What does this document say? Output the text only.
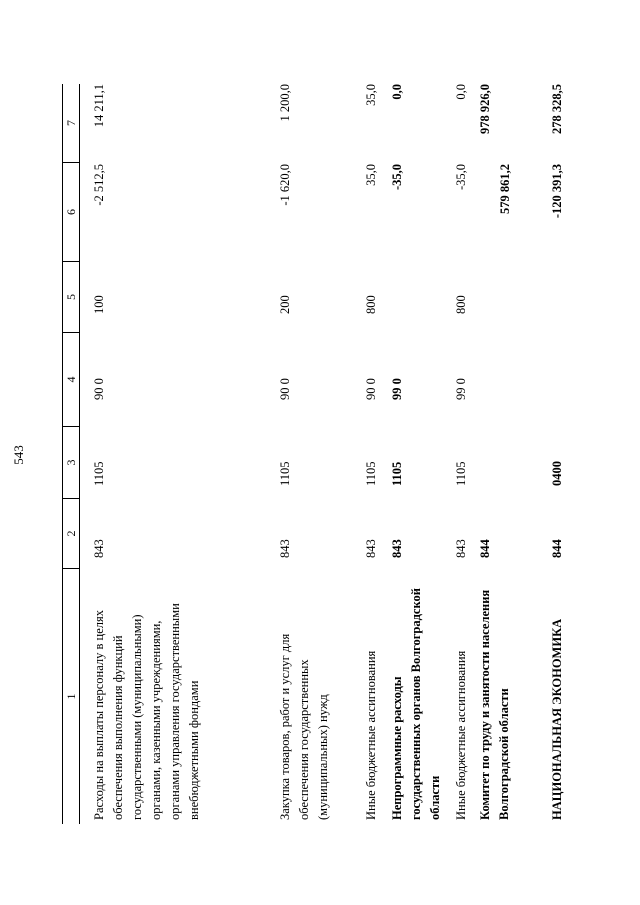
543
1
2
3
4
5
6
7
Расходы на выплаты персоналу в целях обеспечения выполнения функций государственными (муниципальными) органами, казенными учреждениями, органами управления государственными внебюджетными фондами
843
1105
90 0
100
-2 512,5
14 211,1
Закупка товаров, работ и услуг для обеспечения государственных (муниципальных) нужд
843
1105
90 0
200
-1 620,0
1 200,0
Иные бюджетные ассигнования
843
1105
90 0
800
35,0
35,0
Непрограммные расходы государственных органов Волгоградской области
843
1105
99 0
-35,0
0,0
Иные бюджетные ассигнования
843
1105
99 0
800
-35,0
0,0
Комитет по труду и занятости населения Волгоградской области
844
579 861,2
978 926,0
НАЦИОНАЛЬНАЯ ЭКОНОМИКА
844
0400
-120 391,3
278 328,5
